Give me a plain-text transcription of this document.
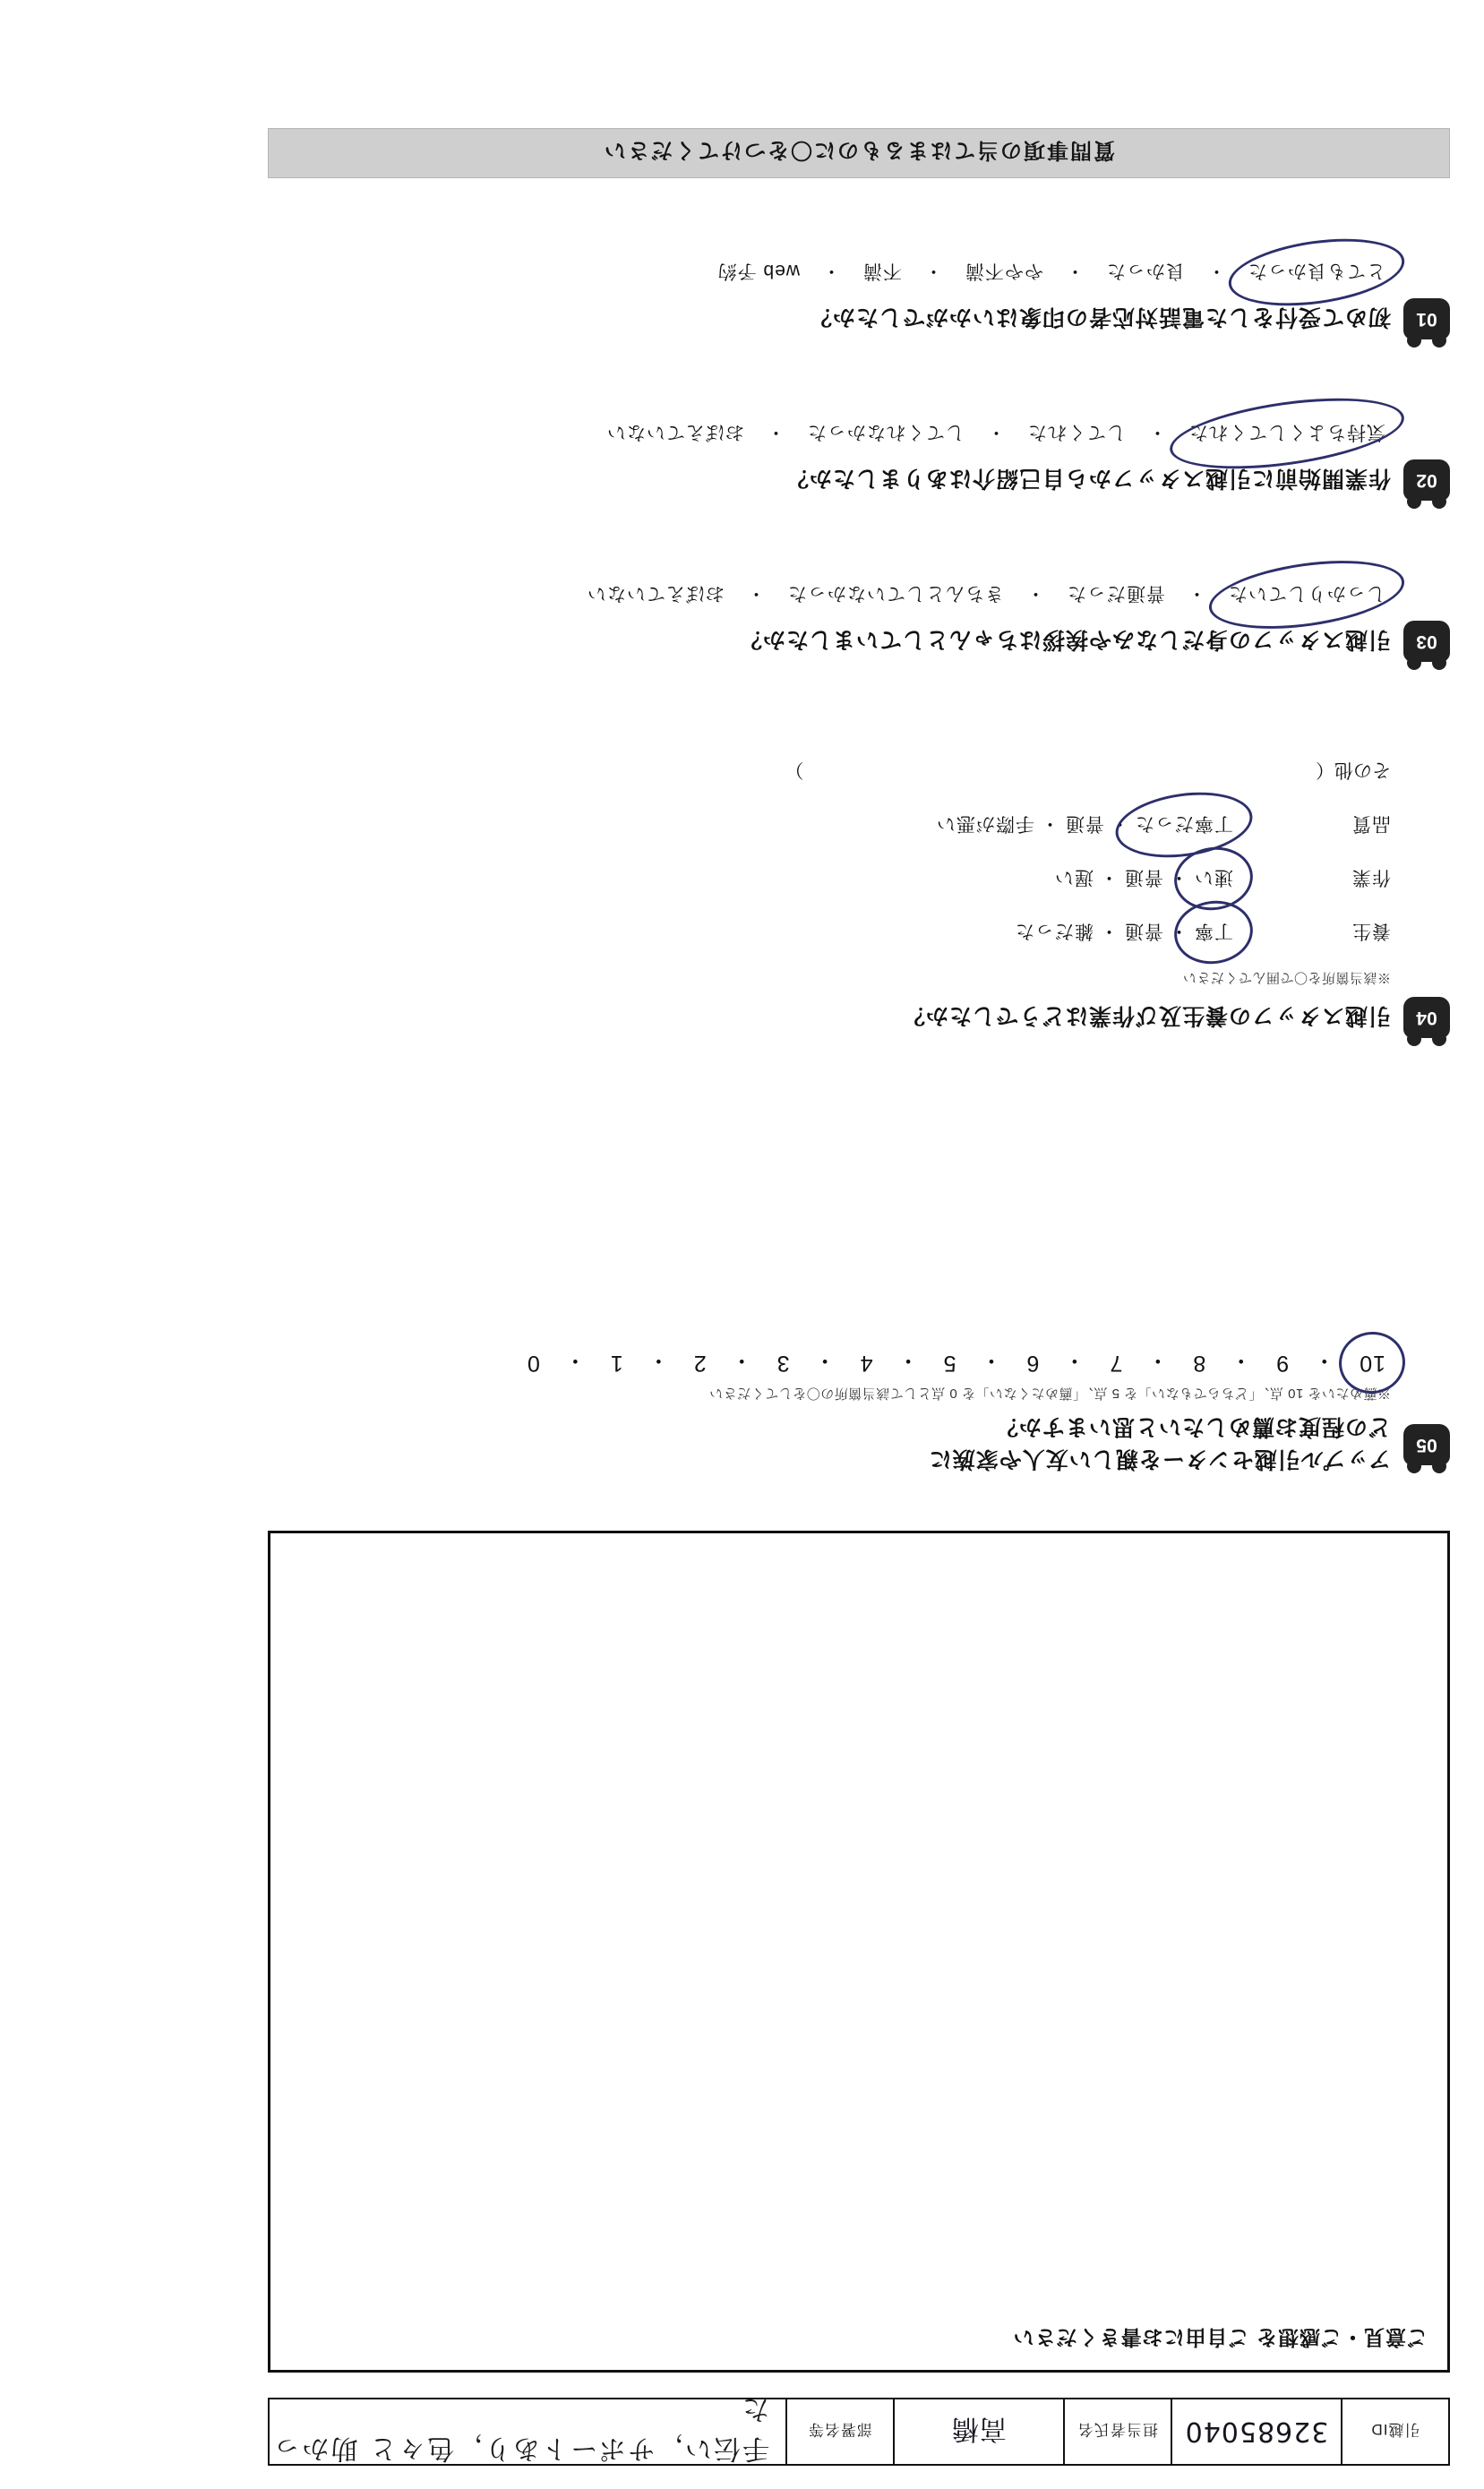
引越ID
32685040
担当者氏名
高橋
部署名等
手伝い，サポートあり，色々と 助かった
ご意見・ご感想を ご自由にお書きください
05
アップル引越センターを親しい友人や家族に
どの程度お薦めしたいと思いますか？
※薦めたいを 10 点、「どちらでもない」を 5 点、「薦めたくない」を 0 点として該当箇所の〇をしてください
10
・
9
・
8
・
7
・
6
・
5
・
4
・
3
・
2
・
1
・
0
04
引越スタッフの養生及び作業はどうでしたか？
※該当箇所を〇で囲んでください
養生
丁寧
・
普通
・
雑だった
作業
速い
・
普通
・
遅い
品質
丁寧だった
・
普通
・
手際が悪い
その他（  ）
03
引越スタッフの身だしなみや挨拶はちゃんとしていましたか？
しっかりしていた
・
普通だった
・
きちんとしていなかった
・
おぼえていない
02
作業開始前に引越スタッフから自己紹介はありましたか？
気持ちよくしてくれた
・
してくれた
・
してくれなかった
・
おぼえていない
01
初めて受付をした電話対応者の印象はいかがでしたか？
とても良かった
・
良かった
・
やや不満
・
不満
・
web 予約
質問事項の当てはまるものに〇をつけてください
